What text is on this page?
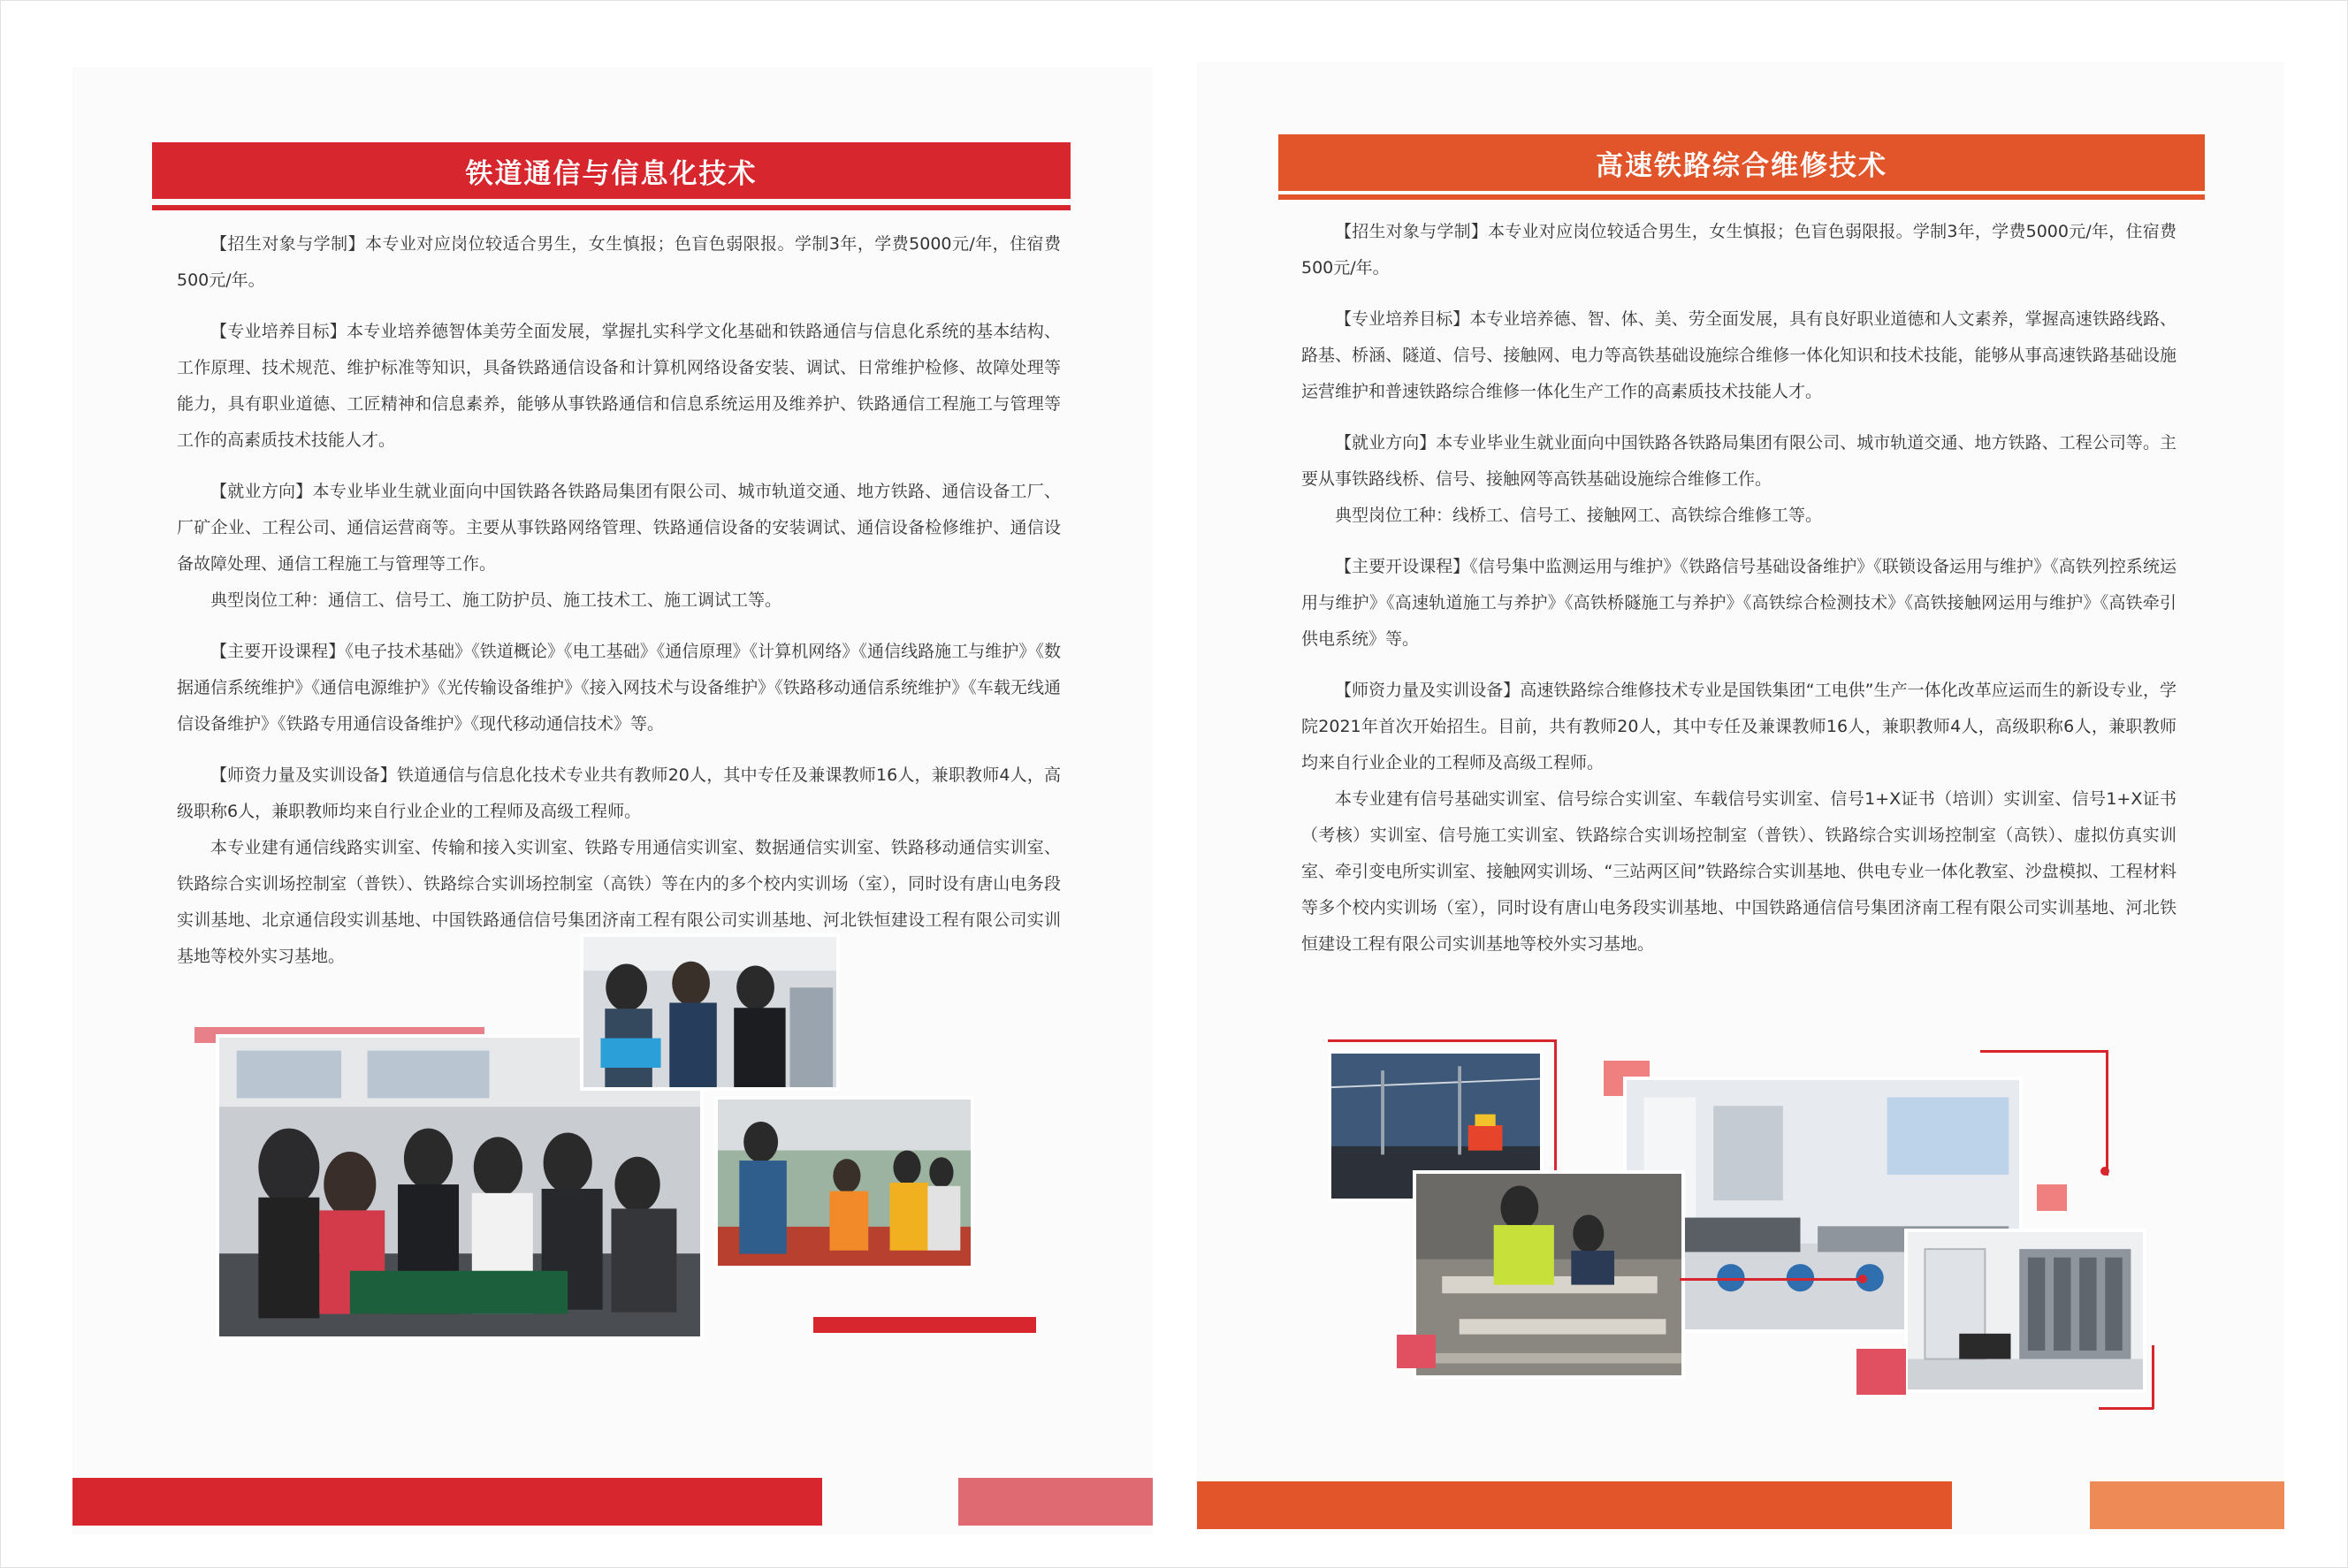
铁道通信与信息化技术

【招生对象与学制】本专业对应岗位较适合男生，女生慎报；色盲色弱限报。学制3年，学费5000元/年，住宿费500元/年。

【专业培养目标】本专业培养德智体美劳全面发展，掌握扎实科学文化基础和铁路通信与信息化系统的基本结构、工作原理、技术规范、维护标准等知识，具备铁路通信设备和计算机网络设备安装、调试、日常维护检修、故障处理等能力，具有职业道德、工匠精神和信息素养，能够从事铁路通信和信息系统运用及维养护、铁路通信工程施工与管理等工作的高素质技术技能人才。

【就业方向】本专业毕业生就业面向中国铁路各铁路局集团有限公司、城市轨道交通、地方铁路、通信设备工厂、厂矿企业、工程公司、通信运营商等。主要从事铁路网络管理、铁路通信设备的安装调试、通信设备检修维护、通信设备故障处理、通信工程施工与管理等工作。

典型岗位工种：通信工、信号工、施工防护员、施工技术工、施工调试工等。

【主要开设课程】《电子技术基础》《铁道概论》《电工基础》《通信原理》《计算机网络》《通信线路施工与维护》《数据通信系统维护》《通信电源维护》《光传输设备维护》《接入网技术与设备维护》《铁路移动通信系统维护》《车载无线通信设备维护》《铁路专用通信设备维护》《现代移动通信技术》等。

【师资力量及实训设备】铁道通信与信息化技术专业共有教师20人，其中专任及兼课教师16人，兼职教师4人，高级职称6人，兼职教师均来自行业企业的工程师及高级工程师。

本专业建有通信线路实训室、传输和接入实训室、铁路专用通信实训室、数据通信实训室、铁路移动通信实训室、铁路综合实训场控制室（普铁）、铁路综合实训场控制室（高铁）等在内的多个校内实训场（室），同时设有唐山电务段实训基地、北京通信段实训基地、中国铁路通信信号集团济南工程有限公司实训基地、河北铁恒建设工程有限公司实训基地等校外实习基地。

高速铁路综合维修技术

【招生对象与学制】本专业对应岗位较适合男生，女生慎报；色盲色弱限报。学制3年，学费5000元/年，住宿费500元/年。

【专业培养目标】本专业培养德、智、体、美、劳全面发展，具有良好职业道德和人文素养，掌握高速铁路线路、路基、桥涵、隧道、信号、接触网、电力等高铁基础设施综合维修一体化知识和技术技能，能够从事高速铁路基础设施运营维护和普速铁路综合维修一体化生产工作的高素质技术技能人才。

【就业方向】本专业毕业生就业面向中国铁路各铁路局集团有限公司、城市轨道交通、地方铁路、工程公司等。主要从事铁路线桥、信号、接触网等高铁基础设施综合维修工作。

典型岗位工种：线桥工、信号工、接触网工、高铁综合维修工等。

【主要开设课程】《信号集中监测运用与维护》《铁路信号基础设备维护》《联锁设备运用与维护》《高铁列控系统运用与维护》《高速轨道施工与养护》《高铁桥隧施工与养护》《高铁综合检测技术》《高铁接触网运用与维护》《高铁牵引供电系统》等。

【师资力量及实训设备】高速铁路综合维修技术专业是国铁集团“工电供”生产一体化改革应运而生的新设专业，学院2021年首次开始招生。目前，共有教师20人，其中专任及兼课教师16人，兼职教师4人，高级职称6人，兼职教师均来自行业企业的工程师及高级工程师。

本专业建有信号基础实训室、信号综合实训室、车载信号实训室、信号1+X证书（培训）实训室、信号1+X证书（考核）实训室、信号施工实训室、铁路综合实训场控制室（普铁）、铁路综合实训场控制室（高铁）、虚拟仿真实训室、牵引变电所实训室、接触网实训场、“三站两区间”铁路综合实训基地、供电专业一体化教室、沙盘模拟、工程材料等多个校内实训场（室），同时设有唐山电务段实训基地、中国铁路通信信号集团济南工程有限公司实训基地、河北铁恒建设工程有限公司实训基地等校外实习基地。
